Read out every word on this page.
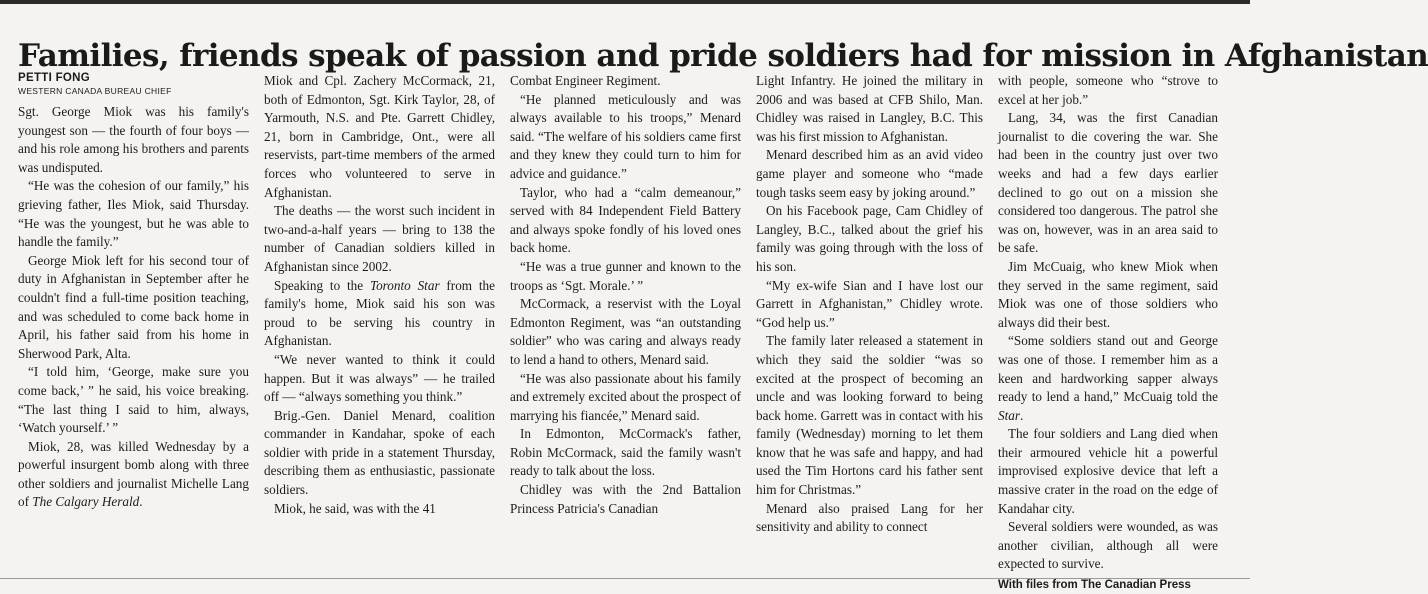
Families, friends speak of passion and pride soldiers had for mission in Afghanistan
PETTI FONG
WESTERN CANADA BUREAU CHIEF

Sgt. George Miok was his family's youngest son — the fourth of four boys — and his role among his brothers and parents was undisputed.

“He was the cohesion of our family,” his grieving father, Iles Miok, said Thursday. “He was the youngest, but he was able to handle the family.”

George Miok left for his second tour of duty in Afghanistan in September after he couldn't find a full-time position teaching, and was scheduled to come back home in April, his father said from his home in Sherwood Park, Alta.

“I told him, ‘George, make sure you come back,’ ” he said, his voice breaking. “The last thing I said to him, always, ‘Watch yourself.’ ”

Miok, 28, was killed Wednesday by a powerful insurgent bomb along with three other soldiers and journalist Michelle Lang of The Calgary Herald.

Miok and Cpl. Zachery McCormack, 21, both of Edmonton, Sgt. Kirk Taylor, 28, of Yarmouth, N.S. and Pte. Garrett Chidley, 21, born in Cambridge, Ont., were all reservists, part-time members of the armed forces who volunteered to serve in Afghanistan.

The deaths — the worst such incident in two-and-a-half years — bring to 138 the number of Canadian soldiers killed in Afghanistan since 2002.

Speaking to the Toronto Star from the family's home, Miok said his son was proud to be serving his country in Afghanistan.

“We never wanted to think it could happen. But it was always” — he trailed off — “always something you think.”

Brig.-Gen. Daniel Menard, coalition commander in Kandahar, spoke of each soldier with pride in a statement Thursday, describing them as enthusiastic, passionate soldiers.

Miok, he said, was with the 41

Combat Engineer Regiment.

“He planned meticulously and was always available to his troops,” Menard said. “The welfare of his soldiers came first and they knew they could turn to him for advice and guidance.”

Taylor, who had a “calm demeanour,” served with 84 Independent Field Battery and always spoke fondly of his loved ones back home.

“He was a true gunner and known to the troops as ‘Sgt. Morale.’ ”

McCormack, a reservist with the Loyal Edmonton Regiment, was “an outstanding soldier” who was caring and always ready to lend a hand to others, Menard said.

“He was also passionate about his family and extremely excited about the prospect of marrying his fiancée,” Menard said.

In Edmonton, McCormack's father, Robin McCormack, said the family wasn't ready to talk about the loss.

Chidley was with the 2nd Battalion Princess Patricia's Canadian

Light Infantry. He joined the military in 2006 and was based at CFB Shilo, Man. Chidley was raised in Langley, B.C. This was his first mission to Afghanistan.

Menard described him as an avid video game player and someone who “made tough tasks seem easy by joking around.”

On his Facebook page, Cam Chidley of Langley, B.C., talked about the grief his family was going through with the loss of his son.

“My ex-wife Sian and I have lost our Garrett in Afghanistan,” Chidley wrote. “God help us.”

The family later released a statement in which they said the soldier “was so excited at the prospect of becoming an uncle and was looking forward to being back home. Garrett was in contact with his family (Wednesday) morning to let them know that he was safe and happy, and had used the Tim Hortons card his father sent him for Christmas.”

Menard also praised Lang for her sensitivity and ability to connect

with people, someone who “strove to excel at her job.”

Lang, 34, was the first Canadian journalist to die covering the war. She had been in the country just over two weeks and had a few days earlier declined to go out on a mission she considered too dangerous. The patrol she was on, however, was in an area said to be safe.

Jim McCuaig, who knew Miok when they served in the same regiment, said Miok was one of those soldiers who always did their best.

“Some soldiers stand out and George was one of those. I remember him as a keen and hardworking sapper always ready to lend a hand,” McCuaig told the Star.

The four soldiers and Lang died when their armoured vehicle hit a powerful improvised explosive device that left a massive crater in the road on the edge of Kandahar city.

Several soldiers were wounded, as was another civilian, although all were expected to survive.

With files from The Canadian Press
